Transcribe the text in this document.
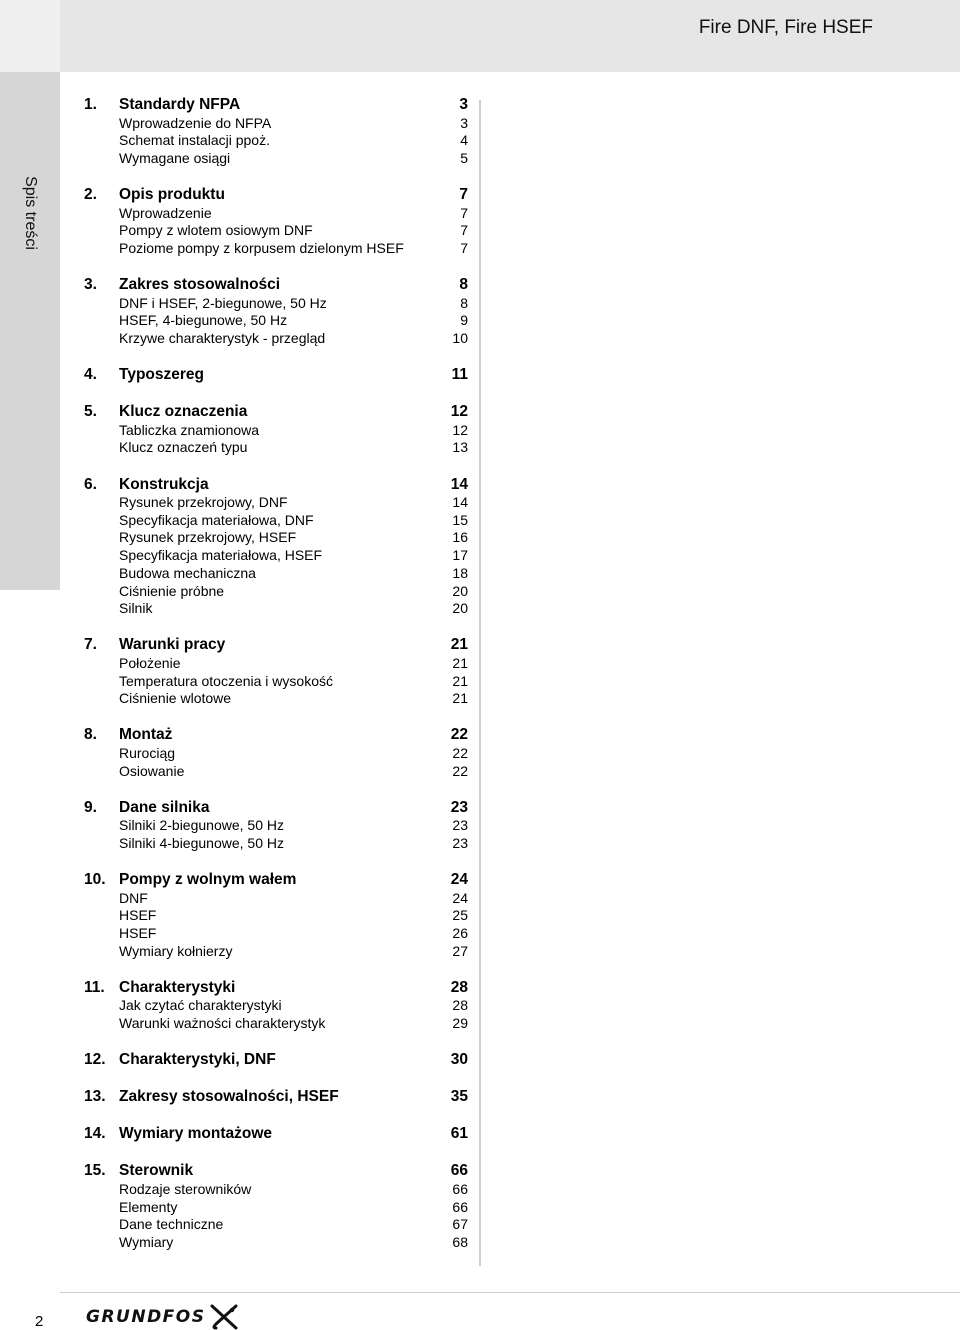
Fire DNF, Fire HSEF
Spis treści
1. Standardy NFPA	3
Wprowadzenie do NFPA	3
Schemat instalacji ppoż.	4
Wymagane osiągi	5
2. Opis produktu	7
Wprowadzenie	7
Pompy z wlotem osiowym DNF	7
Poziome pompy z korpusem dzielonym HSEF	7
3. Zakres stosowalności	8
DNF i HSEF, 2-biegunowe, 50 Hz	8
HSEF, 4-biegunowe, 50 Hz	9
Krzywe charakterystyk - przegląd	10
4. Typoszereg	11
5. Klucz oznaczenia	12
Tabliczka znamionowa	12
Klucz oznaczeń typu	13
6. Konstrukcja	14
Rysunek przekrojowy, DNF	14
Specyfikacja materiałowa, DNF	15
Rysunek przekrojowy, HSEF	16
Specyfikacja materiałowa, HSEF	17
Budowa mechaniczna	18
Ciśnienie próbne	20
Silnik	20
7. Warunki pracy	21
Położenie	21
Temperatura otoczenia i wysokość	21
Ciśnienie wlotowe	21
8. Montaż	22
Rurociąg	22
Osiowanie	22
9. Dane silnika	23
Silniki 2-biegunowe, 50 Hz	23
Silniki 4-biegunowe, 50 Hz	23
10. Pompy z wolnym wałem	24
DNF	24
HSEF	25
HSEF	26
Wymiary kołnierzy	27
11. Charakterystyki	28
Jak czytać charakterystyki	28
Warunki ważności charakterystyk	29
12. Charakterystyki, DNF	30
13. Zakresy stosowalności, HSEF	35
14. Wymiary montażowe	61
15. Sterownik	66
Rodzaje sterowników	66
Elementy	66
Dane techniczne	67
Wymiary	68
2	GRUNDFOS
